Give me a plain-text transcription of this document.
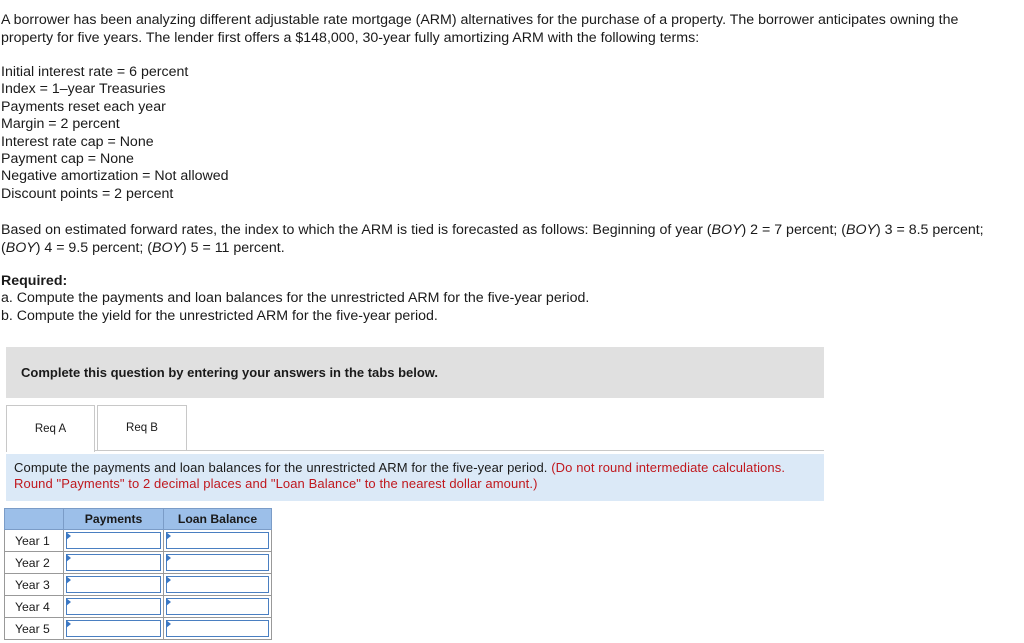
A borrower has been analyzing different adjustable rate mortgage (ARM) alternatives for the purchase of a property. The borrower anticipates owning the property for five years. The lender first offers a $148,000, 30-year fully amortizing ARM with the following terms:
Initial interest rate = 6 percent
Index = 1–year Treasuries
Payments reset each year
Margin = 2 percent
Interest rate cap = None
Payment cap = None
Negative amortization = Not allowed
Discount points = 2 percent
Based on estimated forward rates, the index to which the ARM is tied is forecasted as follows: Beginning of year (BOY) 2 = 7 percent; (BOY) 3 = 8.5 percent; (BOY) 4 = 9.5 percent; (BOY) 5 = 11 percent.
Required:
a. Compute the payments and loan balances for the unrestricted ARM for the five-year period.
b. Compute the yield for the unrestricted ARM for the five-year period.
Complete this question by entering your answers in the tabs below.
Req A	Req B
Compute the payments and loan balances for the unrestricted ARM for the five-year period. (Do not round intermediate calculations. Round "Payments" to 2 decimal places and "Loan Balance" to the nearest dollar amount.)
	Payments	Loan Balance
Year 1	

Year 2	

Year 3	

Year 4	

Year 5	
